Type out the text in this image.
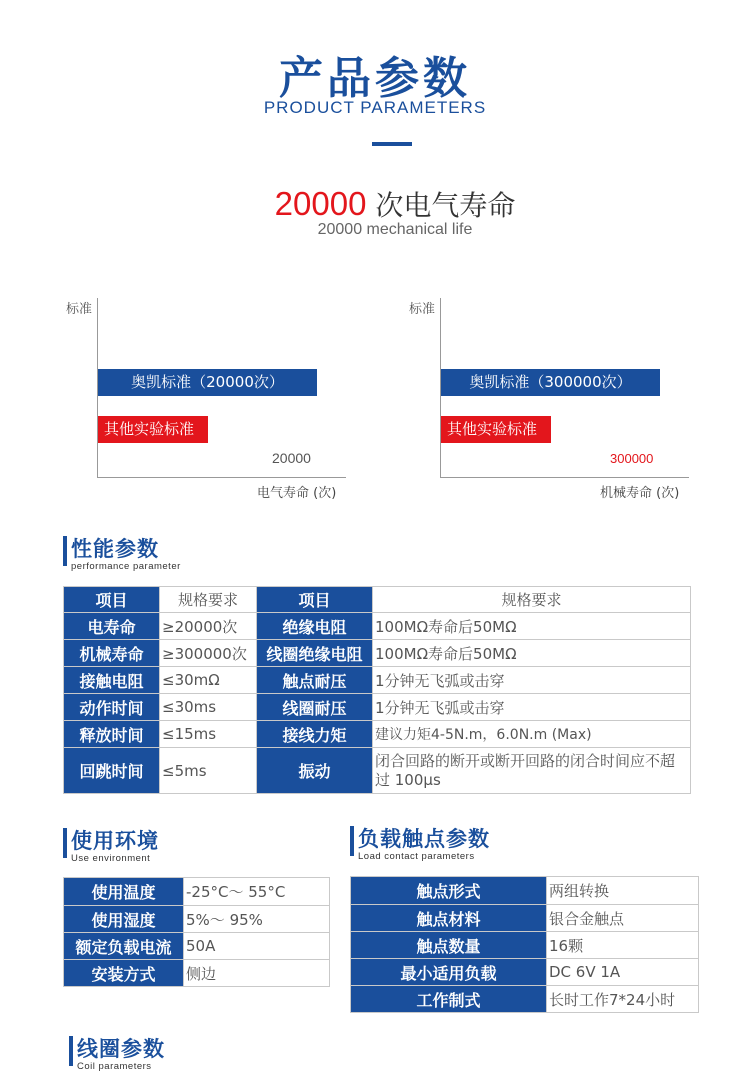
产品参数
PRODUCT PARAMETERS
20000 次电气寿命
20000 mechanical life
标准
奥凯标准（20000次）
其他实验标准
20000
电气寿命 (次)
标准
奥凯标准（300000次）
其他实验标准
300000
机械寿命 (次)
性能参数
performance parameter
项目	规格要求	项目	规格要求
电寿命	≥20000次	绝缘电阻	100MΩ寿命后50MΩ
机械寿命	≥300000次	线圈绝缘电阻	100MΩ寿命后50MΩ
接触电阻	≤30mΩ	触点耐压	1分钟无飞弧或击穿
动作时间	≤30ms	线圈耐压	1分钟无飞弧或击穿
释放时间	≤15ms	接线力矩	建议力矩4-5N.m，6.0N.m (Max)
回跳时间	≤5ms	振动	闭合回路的断开或断开回路的闭合时间应不超过 100μs
使用环境
Use environment
使用温度	-25°C～ 55°C
使用湿度	5%～ 95%
额定负载电流	50A
安装方式	侧边
负载触点参数
Load contact parameters
触点形式	两组转换
触点材料	银合金触点
触点数量	16颗
最小适用负载	DC 6V 1A
工作制式	长时工作7*24小时
线圈参数
Coil parameters
